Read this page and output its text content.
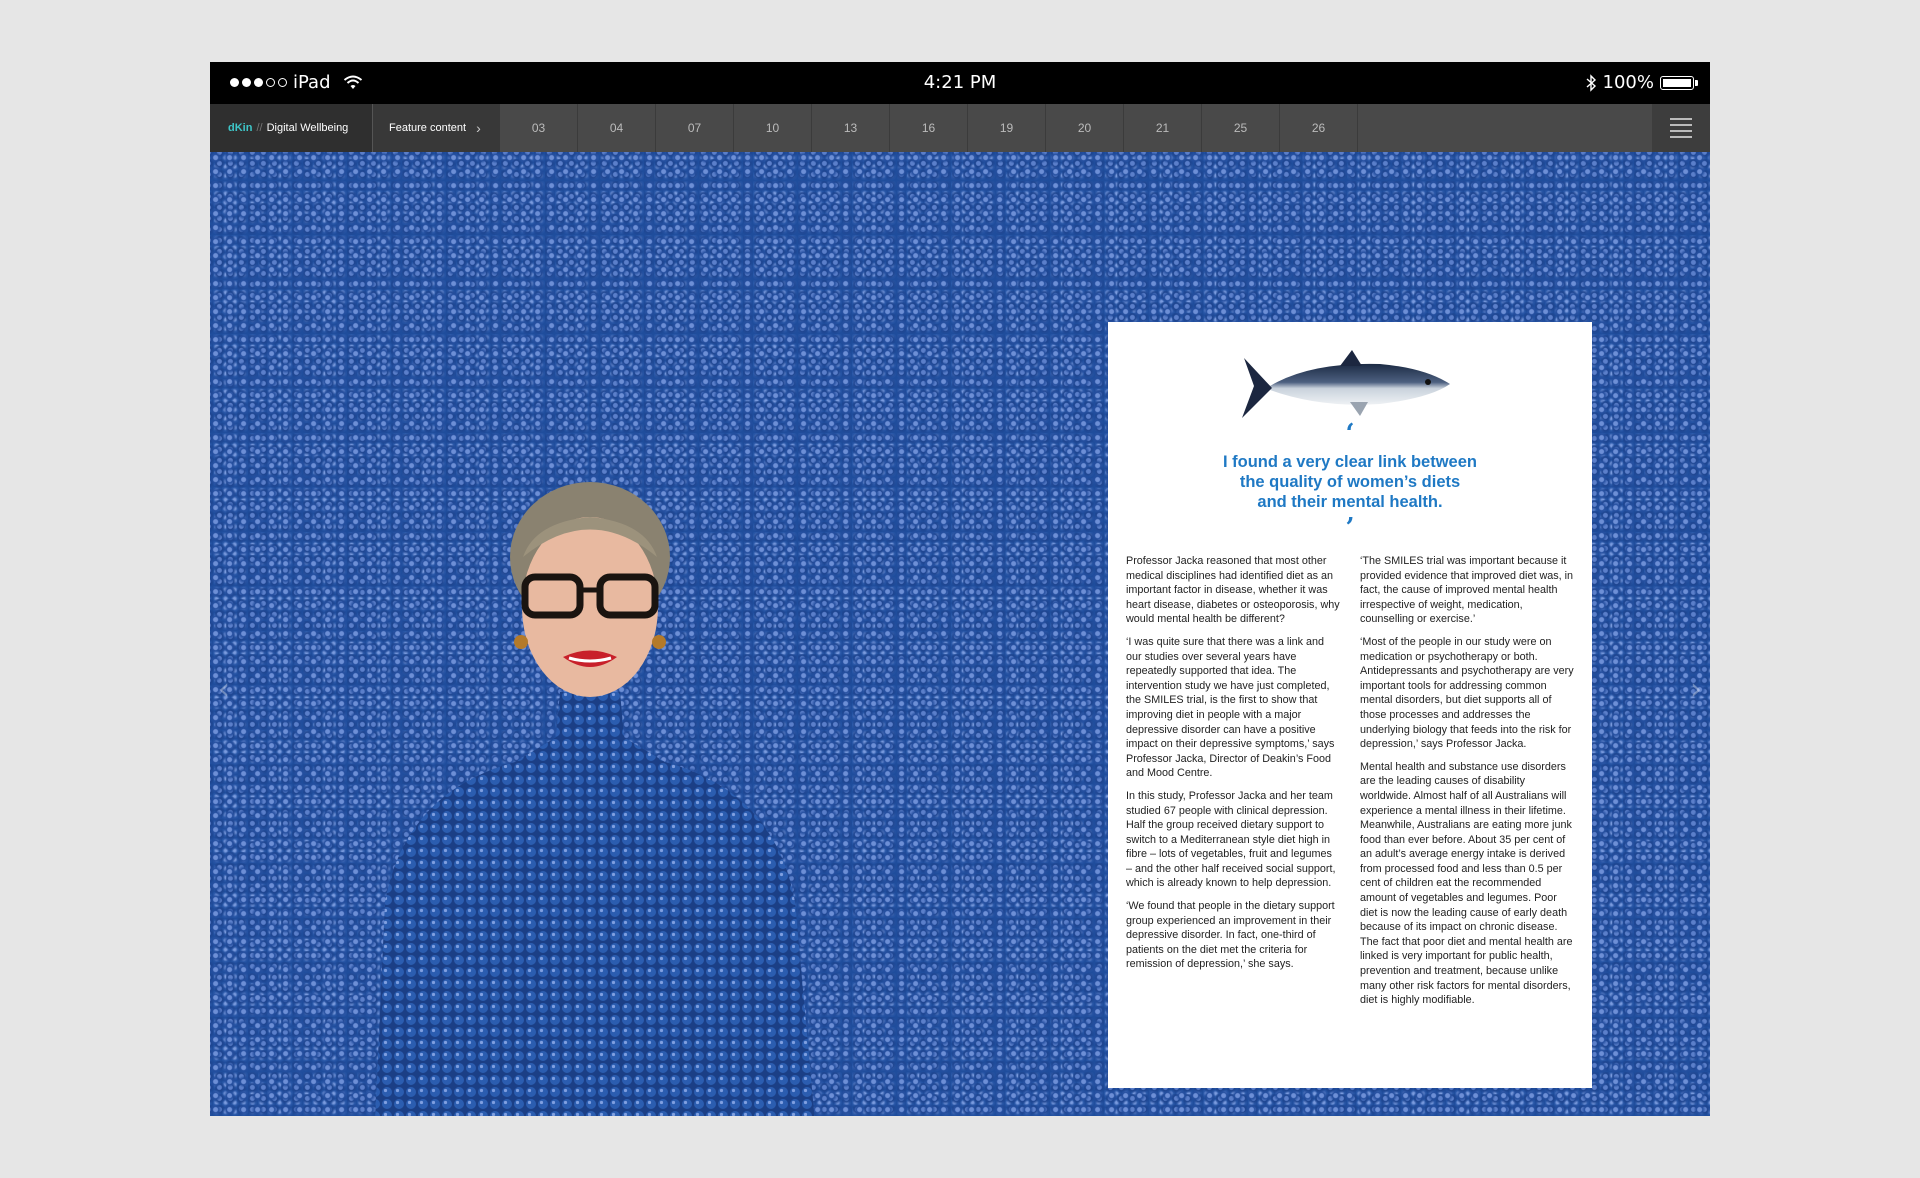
iPad	4:21 PM	100%
dKin // Digital Wellbeing	Feature content ›	03	04	07	10	13	16	19	20	21	25	26
‹	›
‘
I found a very clear link between
the quality of women’s diets
and their mental health.
’

Professor Jacka reasoned that most other medical disciplines had identified diet as an important factor in disease, whether it was heart disease, diabetes or osteoporosis, why would mental health be different?

‘I was quite sure that there was a link and our studies over several years have repeatedly supported that idea. The intervention study we have just completed, the SMILES trial, is the first to show that improving diet in people with a major depressive disorder can have a positive impact on their depressive symptoms,’ says Professor Jacka, Director of Deakin’s Food and Mood Centre.

In this study, Professor Jacka and her team studied 67 people with clinical depression. Half the group received dietary support to switch to a Mediterranean style diet high in fibre – lots of vegetables, fruit and legumes – and the other half received social support, which is already known to help depression.

‘We found that people in the dietary support group experienced an improvement in their depressive disorder. In fact, one-third of patients on the diet met the criteria for remission of depression,’ she says.

‘The SMILES trial was important because it provided evidence that improved diet was, in fact, the cause of improved mental health irrespective of weight, medication, counselling or exercise.’

‘Most of the people in our study were on medication or psychotherapy or both. Antidepressants and psychotherapy are very important tools for addressing common mental disorders, but diet supports all of those processes and addresses the underlying biology that feeds into the risk for depression,’ says Professor Jacka.

Mental health and substance use disorders are the leading causes of disability worldwide. Almost half of all Australians will experience a mental illness in their lifetime. Meanwhile, Australians are eating more junk food than ever before. About 35 per cent of an adult’s average energy intake is derived from processed food and less than 0.5 per cent of children eat the recommended amount of vegetables and legumes. Poor diet is now the leading cause of early death because of its impact on chronic disease. The fact that poor diet and mental health are linked is very important for public health, prevention and treatment, because unlike many other risk factors for mental disorders, diet is highly modifiable.
